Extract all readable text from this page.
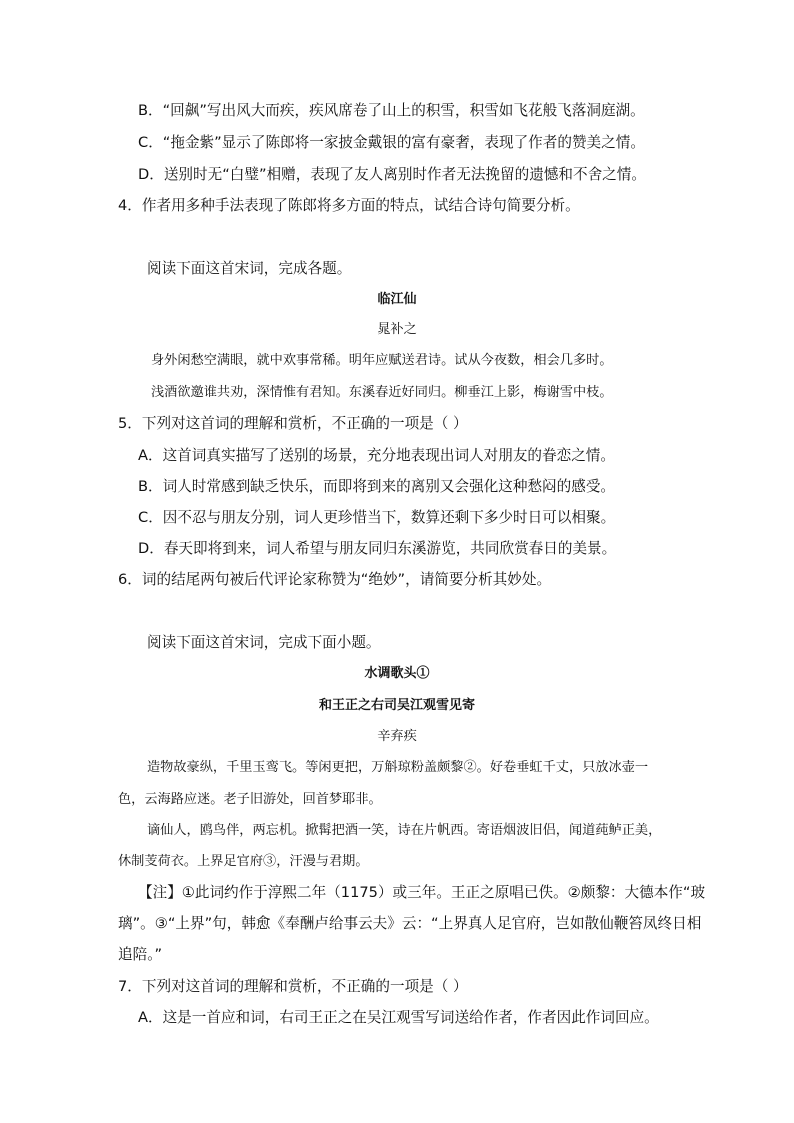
B．“回飙”写出风大而疾，疾风席卷了山上的积雪，积雪如飞花般飞落洞庭湖。
C．“拖金紫”显示了陈郎将一家披金戴银的富有豪奢，表现了作者的赞美之情。
D．送别时无“白璧”相赠，表现了友人离别时作者无法挽留的遗憾和不舍之情。
4．作者用多种手法表现了陈郎将多方面的特点，试结合诗句简要分析。
阅读下面这首宋词，完成各题。
临江仙
晁补之
身外闲愁空满眼，就中欢事常稀。明年应赋送君诗。试从今夜数，相会几多时。
浅酒欲邀谁共劝，深情惟有君知。东溪春近好同归。柳垂江上影，梅谢雪中枝。
5．下列对这首词的理解和赏析，不正确的一项是（ ）
A．这首词真实描写了送别的场景，充分地表现出词人对朋友的眷恋之情。
B．词人时常感到缺乏快乐，而即将到来的离别又会强化这种愁闷的感受。
C．因不忍与朋友分别，词人更珍惜当下，数算还剩下多少时日可以相聚。
D．春天即将到来，词人希望与朋友同归东溪游览，共同欣赏春日的美景。
6．词的结尾两句被后代评论家称赞为“绝妙”，请简要分析其妙处。
阅读下面这首宋词，完成下面小题。
水调歌头①
和王正之右司吴江观雪见寄
辛弃疾
造物故豪纵，千里玉鸾飞。等闲更把，万斛琼粉盖颇黎②。好卷垂虹千丈，只放冰壶一
色，云海路应迷。老子旧游处，回首梦耶非。
谪仙人，鸥鸟伴，两忘机。掀髯把酒一笑，诗在片帆西。寄语烟波旧侣，闻道莼鲈正美，
休制芰荷衣。上界足官府③，汗漫与君期。
【注】①此词约作于淳熙二年（1175）或三年。王正之原唱已佚。②颇黎：大德本作“玻
璃”。③“上界”句，韩愈《奉酬卢给事云夫》云：“上界真人足官府，岂如散仙鞭笞凤终日相
追陪。”
7．下列对这首词的理解和赏析，不正确的一项是（ ）
A．这是一首应和词，右司王正之在吴江观雪写词送给作者，作者因此作词回应。
